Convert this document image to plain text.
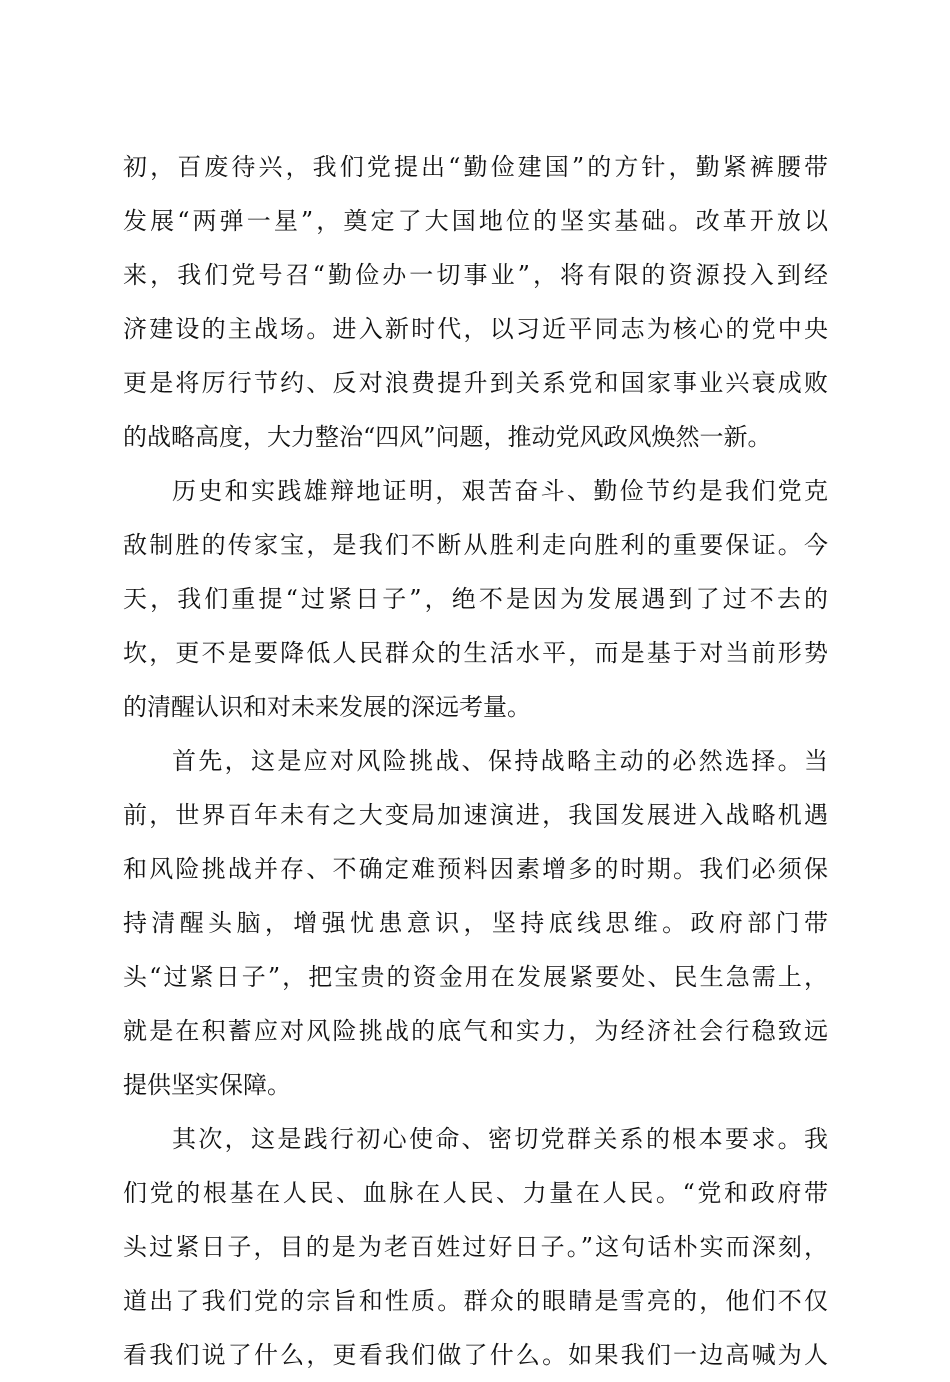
初，百废待兴，我们党提出“勤俭建国”的方针，勤紧裤腰带
发展“两弹一星”，奠定了大国地位的坚实基础。改革开放以
来，我们党号召“勤俭办一切事业”，将有限的资源投入到经
济建设的主战场。进入新时代，以习近平同志为核心的党中央
更是将厉行节约、反对浪费提升到关系党和国家事业兴衰成败
的战略高度，大力整治“四风”问题，推动党风政风焕然一新。
历史和实践雄辩地证明，艰苦奋斗、勤俭节约是我们党克
敌制胜的传家宝，是我们不断从胜利走向胜利的重要保证。今
天，我们重提“过紧日子”，绝不是因为发展遇到了过不去的
坎，更不是要降低人民群众的生活水平，而是基于对当前形势
的清醒认识和对未来发展的深远考量。
首先，这是应对风险挑战、保持战略主动的必然选择。当
前，世界百年未有之大变局加速演进，我国发展进入战略机遇
和风险挑战并存、不确定难预料因素增多的时期。我们必须保
持清醒头脑，增强忧患意识，坚持底线思维。政府部门带
头“过紧日子”，把宝贵的资金用在发展紧要处、民生急需上，
就是在积蓄应对风险挑战的底气和实力，为经济社会行稳致远
提供坚实保障。
其次，这是践行初心使命、密切党群关系的根本要求。我
们党的根基在人民、血脉在人民、力量在人民。“党和政府带
头过紧日子，目的是为老百姓过好日子。”这句话朴实而深刻，
道出了我们党的宗旨和性质。群众的眼睛是雪亮的，他们不仅
看我们说了什么，更看我们做了什么。如果我们一边高喊为人
